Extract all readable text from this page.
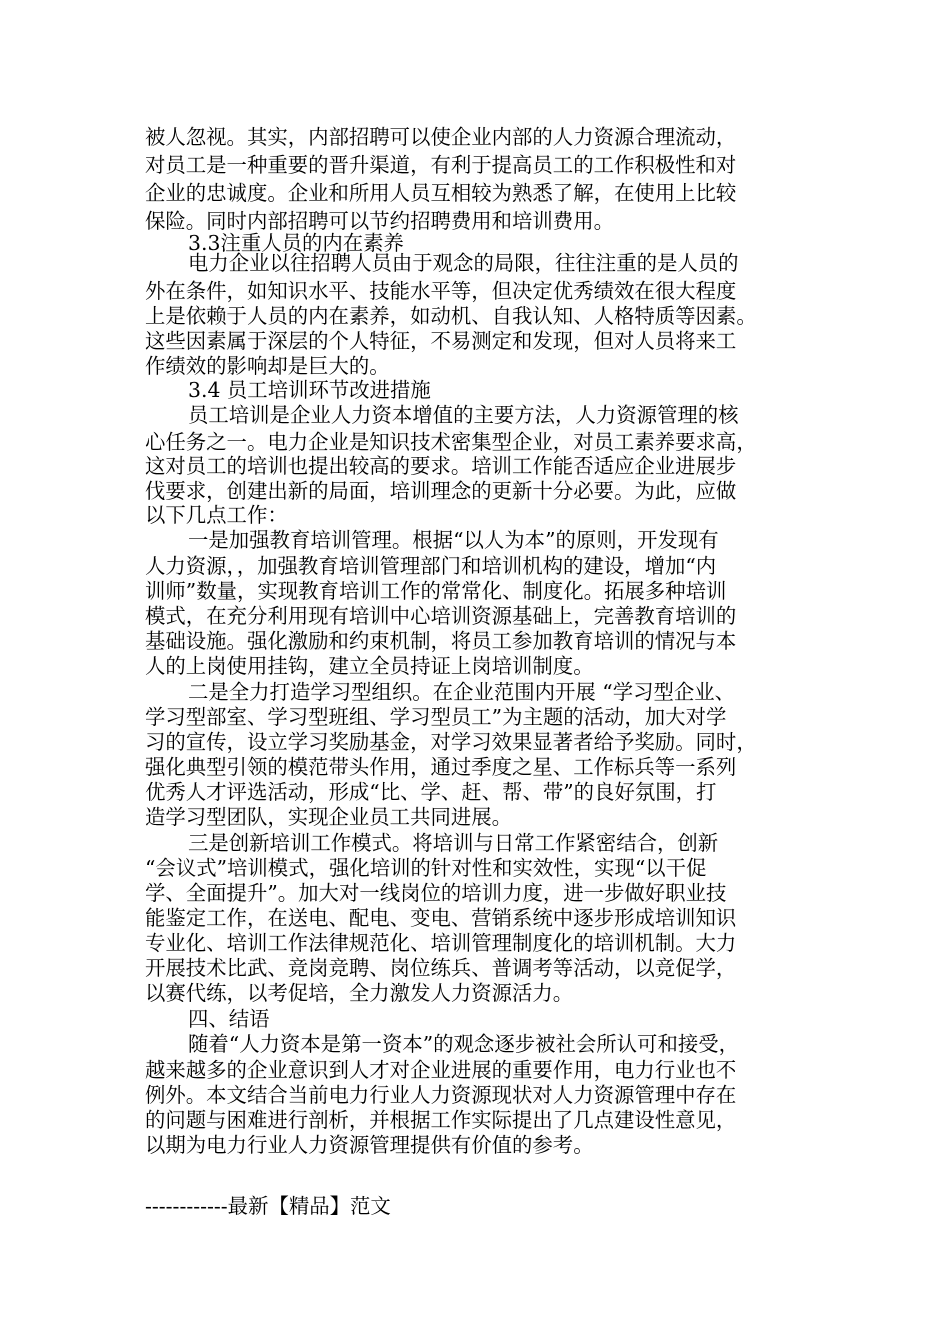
被人忽视。其实，内部招聘可以使企业内部的人力资源合理流动，

对员工是一种重要的晋升渠道，有利于提高员工的工作积极性和对

企业的忠诚度。企业和所用人员互相较为熟悉了解，在使用上比较

保险。同时内部招聘可以节约招聘费用和培训费用。

3.3注重人员的内在素养

电力企业以往招聘人员由于观念的局限，往往注重的是人员的

外在条件，如知识水平、技能水平等，但决定优秀绩效在很大程度

上是依赖于人员的内在素养，如动机、自我认知、人格特质等因素。

这些因素属于深层的个人特征，不易测定和发现，但对人员将来工

作绩效的影响却是巨大的。

3.4 员工培训环节改进措施

员工培训是企业人力资本增值的主要方法，人力资源管理的核

心任务之一。电力企业是知识技术密集型企业，对员工素养要求高，

这对员工的培训也提出较高的要求。培训工作能否适应企业进展步

伐要求，创建出新的局面，培训理念的更新十分必要。为此，应做

以下几点工作：

一是加强教育培训管理。根据“以人为本”的原则，开发现有

人力资源，，加强教育培训管理部门和培训机构的建设，增加“内

训师”数量，实现教育培训工作的常常化、制度化。拓展多种培训

模式，在充分利用现有培训中心培训资源基础上，完善教育培训的

基础设施。强化激励和约束机制，将员工参加教育培训的情况与本

人的上岗使用挂钩，建立全员持证上岗培训制度。

二是全力打造学习型组织。在企业范围内开展 “学习型企业、

学习型部室、学习型班组、学习型员工”为主题的活动，加大对学

习的宣传，设立学习奖励基金，对学习效果显著者给予奖励。同时，

强化典型引领的模范带头作用，通过季度之星、工作标兵等一系列

优秀人才评选活动，形成“比、学、赶、帮、带”的良好氛围，打

造学习型团队，实现企业员工共同进展。

三是创新培训工作模式。将培训与日常工作紧密结合，创新

“会议式”培训模式，强化培训的针对性和实效性，实现“以干促

学、全面提升”。加大对一线岗位的培训力度，进一步做好职业技

能鉴定工作，在送电、配电、变电、营销系统中逐步形成培训知识

专业化、培训工作法律规范化、培训管理制度化的培训机制。大力

开展技术比武、竞岗竞聘、岗位练兵、普调考等活动，以竞促学，

以赛代练，以考促培，全力激发人力资源活力。

四、结语

随着“人力资本是第一资本”的观念逐步被社会所认可和接受，

越来越多的企业意识到人才对企业进展的重要作用，电力行业也不

例外。本文结合当前电力行业人力资源现状对人力资源管理中存在

的问题与困难进行剖析，并根据工作实际提出了几点建设性意见，

以期为电力行业人力资源管理提供有价值的参考。

------------最新【精品】范文
